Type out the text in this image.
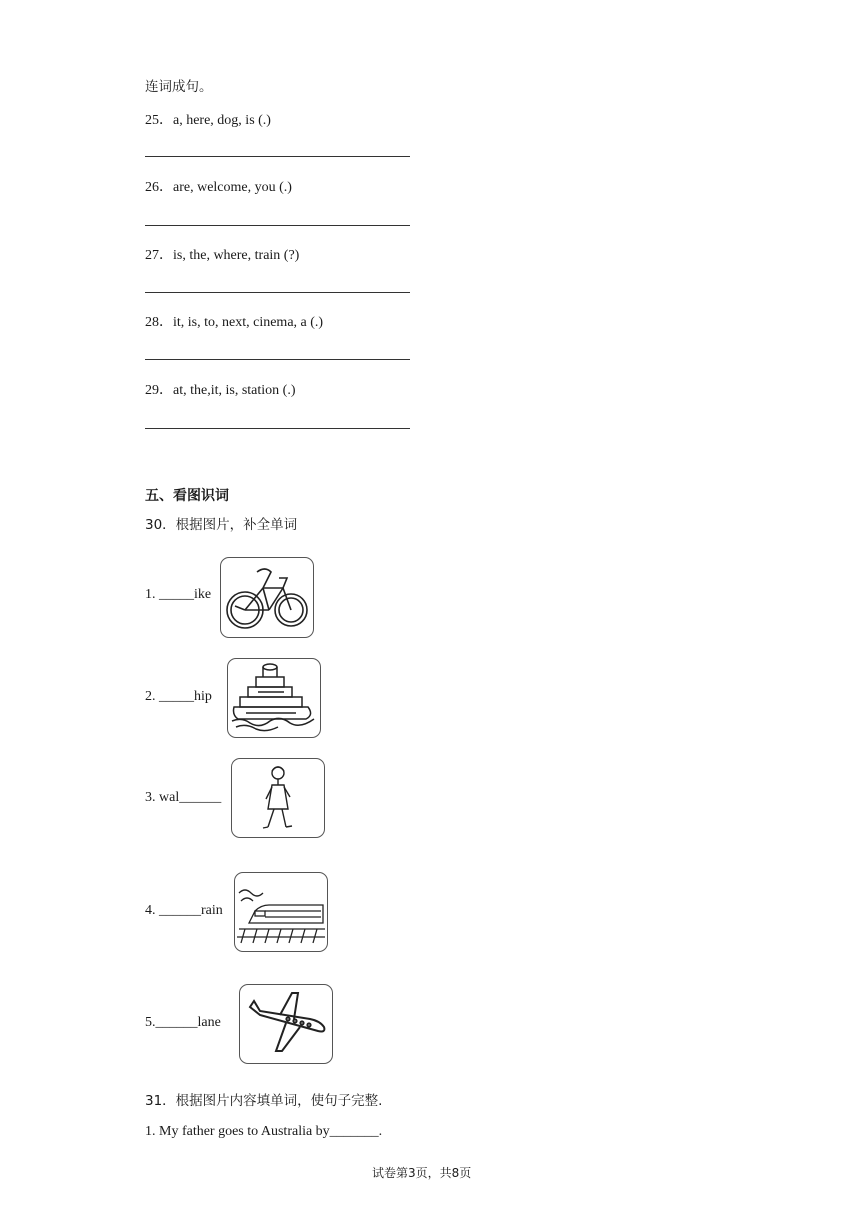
连词成句。
25．a, here, dog, is (.)
26．are, welcome, you (.)
27．is, the, where, train (?)
28．it, is, to, next, cinema, a (.)
29．at, the,it, is, station (.)
五、看图识词
30．根据图片，补全单词
1. _____ike
2. _____hip
3. wal______
4. ______rain
5.______lane
31．根据图片内容填单词，使句子完整.
1. My father goes to Australia by_______.
试卷第3页，共8页
